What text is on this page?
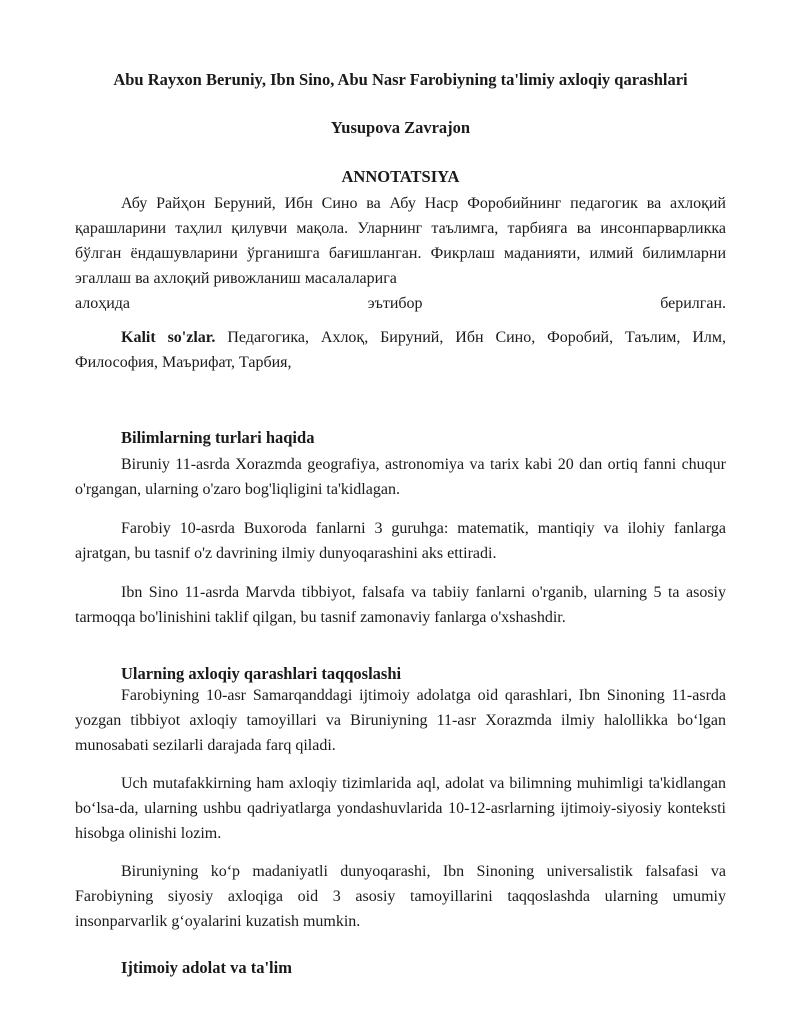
Abu Rayxon Beruniy, Ibn Sino, Abu Nasr Farobiyning ta'limiy axloqiy qarashlari
Yusupova Zavrajon
ANNOTATSIYA
Абу Райҳон Беруний, Ибн Сино ва Абу Наср Форобийнинг педагогик ва ахлоқий қарашларини таҳлил қилувчи мақола. Уларнинг таълимга, тарбияга ва инсонпарварликка бўлган ёндашувларини ўрганишга бағишланган. Фикрлаш маданияти, илмий билимларни эгаллаш ва ахлоқий ривожланиш масалаларига
алоҳида эътибор берилган.
Kalit so'zlar. Педагогика, Ахлоқ, Бируний, Ибн Сино, Форобий, Таълим, Илм, Философия, Маърифат, Тарбия,
Bilimlarning turlari haqida
Biruniy 11-asrda Xorazmda geografiya, astronomiya va tarix kabi 20 dan ortiq fanni chuqur o'rgangan, ularning o'zaro bog'liqligini ta'kidlagan.
Farobiy 10-asrda Buxoroda fanlarni 3 guruhga: matematik, mantiqiy va ilohiy fanlarga ajratgan, bu tasnif o'z davrining ilmiy dunyoqarashini aks ettiradi.
Ibn Sino 11-asrda Marvda tibbiyot, falsafa va tabiiy fanlarni o'rganib, ularning 5 ta asosiy tarmoqqa bo'linishini taklif qilgan, bu tasnif zamonaviy fanlarga o'xshashdir.
Ularning axloqiy qarashlari taqqoslashi
Farobiyning 10-asr Samarqanddagi ijtimoiy adolatga oid qarashlari, Ibn Sinoning 11-asrda yozgan tibbiyot axloqiy tamoyillari va Biruniyning 11-asr Xorazmda ilmiy halollikka boʻlgan munosabati sezilarli darajada farq qiladi.
Uch mutafakkirning ham axloqiy tizimlarida aql, adolat va bilimning muhimligi ta'kidlangan boʻlsa-da, ularning ushbu qadriyatlarga yondashuvlarida 10-12-asrlarning ijtimoiy-siyosiy konteksti hisobga olinishi lozim.
Biruniyning koʻp madaniyatli dunyoqarashi, Ibn Sinoning universalistik falsafasi va Farobiyning siyosiy axloqiga oid 3 asosiy tamoyillarini taqqoslashda ularning umumiy insonparvarlik gʻoyalarini kuzatish mumkin.
Ijtimoiy adolat va ta'lim
